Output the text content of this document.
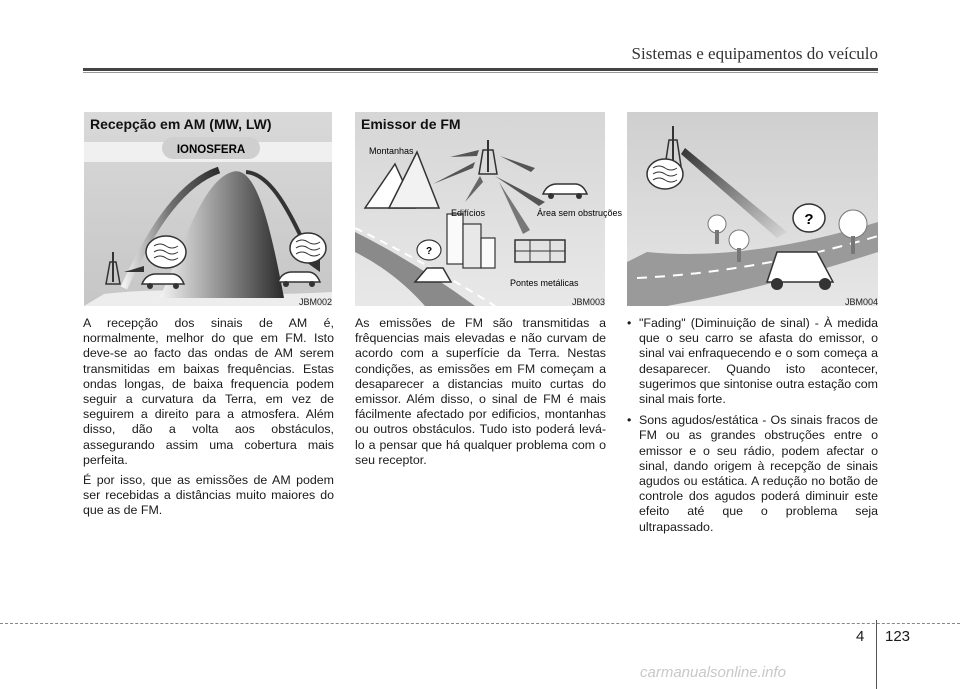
Sistemas e equipamentos do veículo
IONOSFERA
Recepção em AM (MW, LW)
JBM002
?
Montanhas
Edifícios	Área sem obstruções
Pontes metálicas
Emissor de FM
JBM003
?
JBM004

A recepção dos sinais de AM é, normalmente, melhor do que em FM. Isto deve-se ao facto das ondas de AM serem transmitidas em baixas frequências. Estas ondas longas, de baixa frequencia podem seguir a curvatura da Terra, em vez de seguirem a direito para a atmosfera. Além disso, dão a volta aos obstáculos, assegurando assim uma cobertura mais perfeita.

É por isso, que as emissões de AM podem ser recebidas a distâncias muito maiores do que as de FM.

As emissões de FM são transmitidas a frêquencias mais elevadas e não curvam de acordo com a superfície da Terra. Nestas condições, as emissões em FM começam a desaparecer a distancias muito curtas do emissor. Além disso, o sinal de FM é mais fácilmente afectado por edificios, montanhas ou outros obstáculos. Tudo isto poderá levá-lo a pensar que há qualquer problema com o seu receptor.

• "Fading" (Diminuição de sinal) - À medida que o seu carro se afasta do emissor, o sinal vai enfraquecendo e o som começa a desaparecer. Quando isto acontecer, sugerimos que sintonise outra estação com sinal mais forte.
• Sons agudos/estática - Os sinais fracos de FM ou as grandes obstruções entre o emissor e o seu rádio, podem afectar o sinal, dando origem à recepção de sinais agudos ou estática. A redução no botão de controle dos agudos poderá diminuir este efeito até que o problema seja ultrapassado.
4 123
carmanualsonline.info
